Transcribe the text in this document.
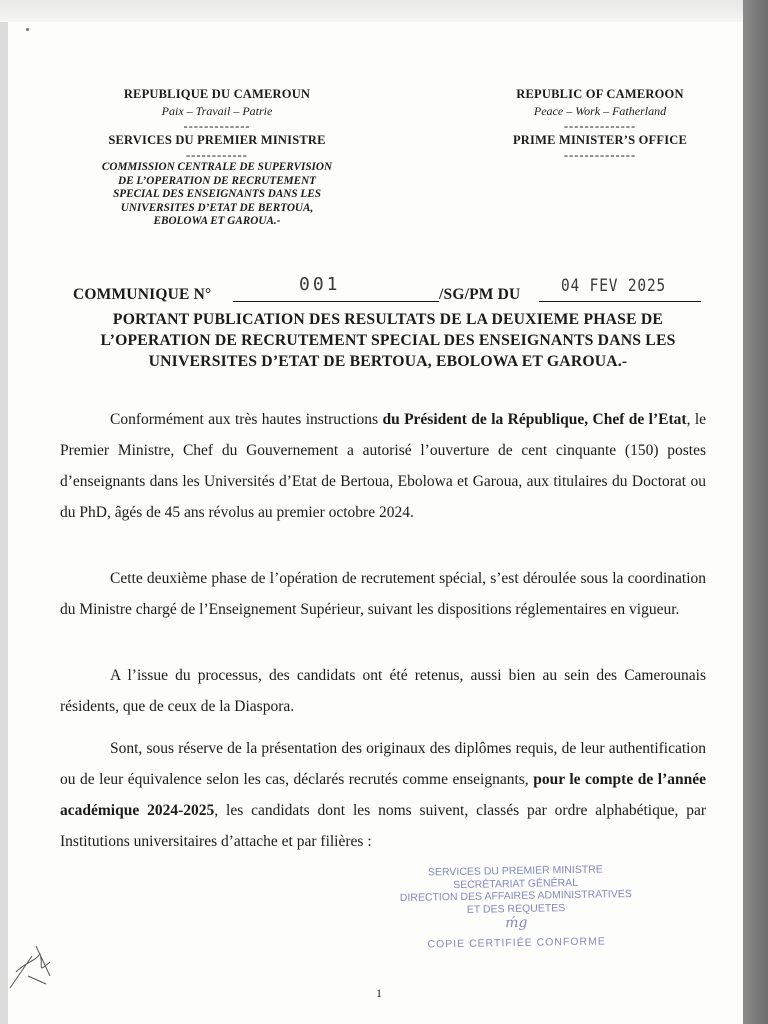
REPUBLIQUE DU CAMEROUN
Paix – Travail – Patrie
-------------
SERVICES DU PREMIER MINISTRE
------------
COMMISSION CENTRALE DE SUPERVISION
DE L’OPERATION DE RECRUTEMENT
SPECIAL DES ENSEIGNANTS DANS LES
UNIVERSITES D’ETAT DE BERTOUA,
EBOLOWA ET GAROUA.-
REPUBLIC OF CAMEROON
Peace – Work – Fatherland
--------------
PRIME MINISTER’S OFFICE
--------------
COMMUNIQUE N°	001	/SG/PM DU 04 FEV 2025
PORTANT PUBLICATION DES RESULTATS DE LA DEUXIEME PHASE DE L’OPERATION DE RECRUTEMENT SPECIAL DES ENSEIGNANTS DANS LES UNIVERSITES D’ETAT DE BERTOUA, EBOLOWA ET GAROUA.-
Conformément aux très hautes instructions du Président de la République, Chef de l’Etat, le Premier Ministre, Chef du Gouvernement a autorisé l’ouverture de cent cinquante (150) postes d’enseignants dans les Universités d’Etat de Bertoua, Ebolowa et Garoua, aux titulaires du Doctorat ou du PhD, âgés de 45 ans révolus au premier octobre 2024.
Cette deuxième phase de l’opération de recrutement spécial, s’est déroulée sous la coordination du Ministre chargé de l’Enseignement Supérieur, suivant les dispositions réglementaires en vigueur.
A l’issue du processus, des candidats ont été retenus, aussi bien au sein des Camerounais résidents, que de ceux de la Diaspora.
Sont, sous réserve de la présentation des originaux des diplômes requis, de leur authentification ou de leur équivalence selon les cas, déclarés recrutés comme enseignants, pour le compte de l’année académique 2024-2025, les candidats dont les noms suivent, classés par ordre alphabétique, par Institutions universitaires d’attache et par filières :
SERVICES DU PREMIER MINISTRE
SECRÉTARIAT GÉNÉRAL
DIRECTION DES AFFAIRES ADMINISTRATIVES
ET DES REQUETES
ḿg
COPIE CERTIFIÉE CONFORME
1
